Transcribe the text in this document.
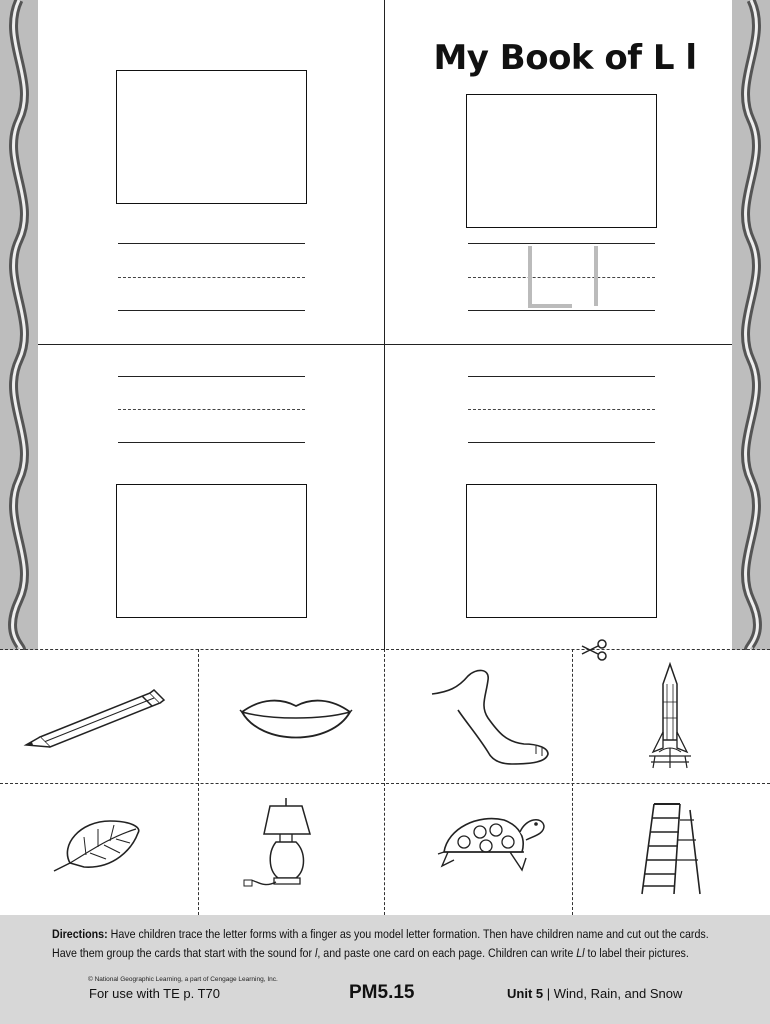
My Book of L l
Directions: Have children trace the letter forms with a finger as you model letter formation. Then have children name and cut out the cards.
Have them group the cards that start with the sound for l, and paste one card on each page. Children can write Ll to label their pictures.
© National Geographic Learning, a part of Cengage Learning, Inc.
For use with TE p. T70	PM5.15	Unit 5 | Wind, Rain, and Snow
